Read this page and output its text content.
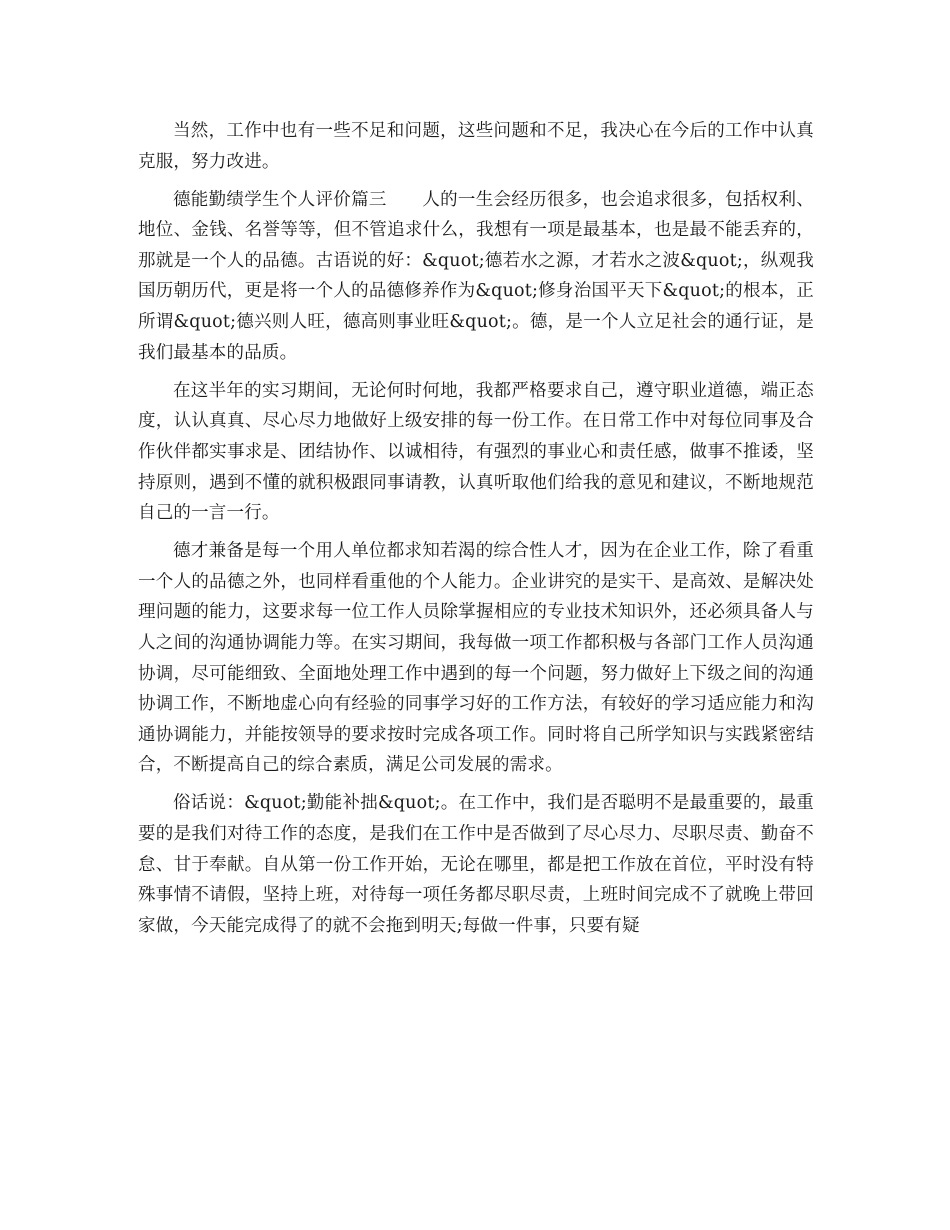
当然，工作中也有一些不足和问题，这些问题和不足，我决心在今后的工作中认真克服，努力改进。

德能勤绩学生个人评价篇三　　人的一生会经历很多，也会追求很多，包括权利、地位、金钱、名誉等等，但不管追求什么，我想有一项是最基本，也是最不能丢弃的，那就是一个人的品德。古语说的好：&quot;德若水之源，才若水之波&quot;，纵观我国历朝历代，更是将一个人的品德修养作为&quot;修身治国平天下&quot;的根本，正所谓&quot;德兴则人旺，德高则事业旺&quot;。德，是一个人立足社会的通行证，是我们最基本的品质。

在这半年的实习期间，无论何时何地，我都严格要求自己，遵守职业道德，端正态度，认认真真、尽心尽力地做好上级安排的每一份工作。在日常工作中对每位同事及合作伙伴都实事求是、团结协作、以诚相待，有强烈的事业心和责任感，做事不推诿，坚持原则，遇到不懂的就积极跟同事请教，认真听取他们给我的意见和建议，不断地规范自己的一言一行。

德才兼备是每一个用人单位都求知若渴的综合性人才，因为在企业工作，除了看重一个人的品德之外，也同样看重他的个人能力。企业讲究的是实干、是高效、是解决处理问题的能力，这要求每一位工作人员除掌握相应的专业技术知识外，还必须具备人与人之间的沟通协调能力等。在实习期间，我每做一项工作都积极与各部门工作人员沟通协调，尽可能细致、全面地处理工作中遇到的每一个问题，努力做好上下级之间的沟通协调工作，不断地虚心向有经验的同事学习好的工作方法，有较好的学习适应能力和沟通协调能力，并能按领导的要求按时完成各项工作。同时将自己所学知识与实践紧密结合，不断提高自己的综合素质，满足公司发展的需求。

俗话说：&quot;勤能补拙&quot;。在工作中，我们是否聪明不是最重要的，最重要的是我们对待工作的态度，是我们在工作中是否做到了尽心尽力、尽职尽责、勤奋不怠、甘于奉献。自从第一份工作开始，无论在哪里，都是把工作放在首位，平时没有特殊事情不请假，坚持上班，对待每一项任务都尽职尽责，上班时间完成不了就晚上带回家做，今天能完成得了的就不会拖到明天;每做一件事，只要有疑
